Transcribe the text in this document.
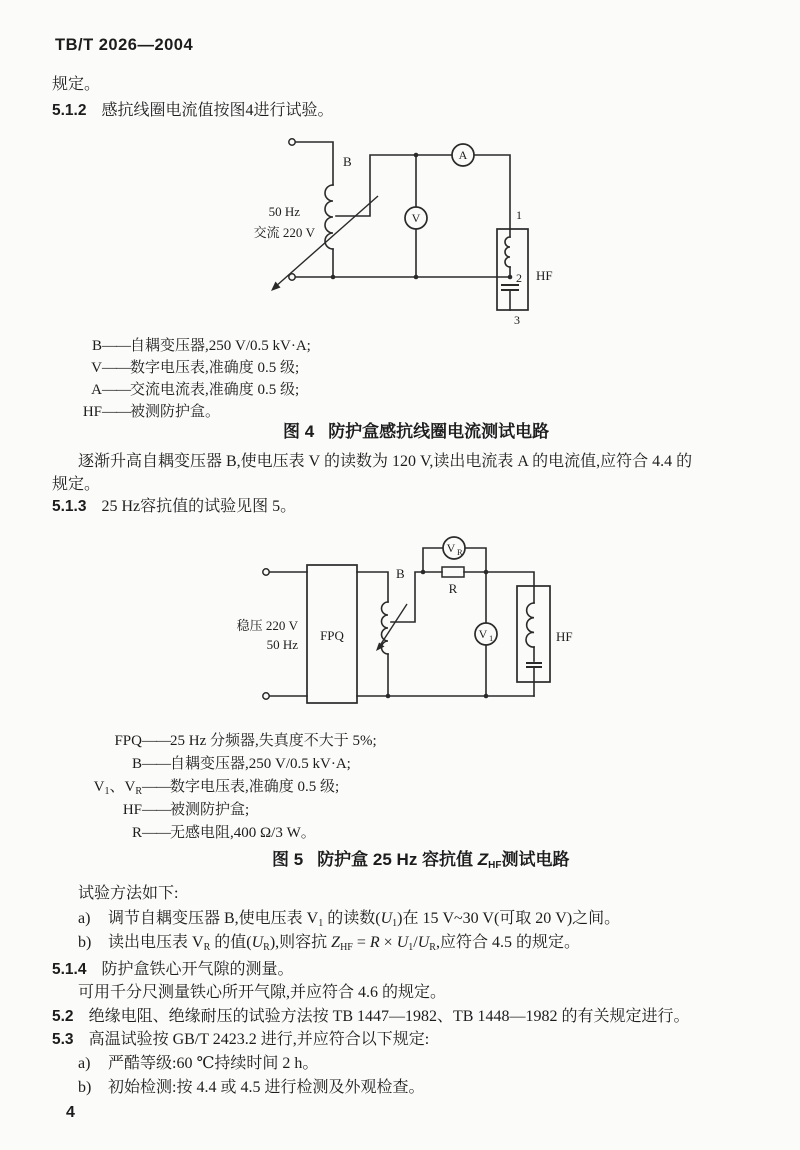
TB/T 2026—2004
规定。
5.1.2 感抗线圈电流值按图4进行试验。
V
A
B
50 Hz
交流 220 V
1
2
3
HF
B——自耦变压器,250 V/0.5 kV·A;
V——数字电压表,准确度 0.5 级;
A——交流电流表,准确度 0.5 级;
HF——被测防护盒。
图 4 防护盒感抗线圈电流测试电路
逐渐升高自耦变压器 B,使电压表 V 的读数为 120 V,读出电流表 A 的电流值,应符合 4.4 的
规定。
5.1.3 25 Hz容抗值的试验见图 5。
FPQ
V R
R
V 1
B
稳压 220 V
50 Hz
HF
FPQ——25 Hz 分频器,失真度不大于 5%;
B——自耦变压器,250 V/0.5 kV·A;
$V_1$、$V_R——$数字电压表,准确度 0.5 级;
HF——被测防护盒;
R——无感电阻,400 Ω/3 W。
图 5 防护盒 25 Hz 容抗值 $Z_{HF}$测试电路
试验方法如下:
a) 调节自耦变压器 B,使电压表 $V_1$ 的读数$(U_1)$在 15 V~30 V(可取 20 V)之间。
b) 读出电压表 $V_R$ 的值$(U_R)$,则容抗 $Z_{HF} = R \times U_1/U_R$,应符合 4.5 的规定。
5.1.4 防护盒铁心开气隙的测量。
可用千分尺测量铁心所开气隙,并应符合 4.6 的规定。
5.2 绝缘电阻、绝缘耐压的试验方法按 TB 1447—1982、TB 1448—1982 的有关规定进行。
5.3 高温试验按 GB/T 2423.2 进行,并应符合以下规定:
a) 严酷等级:60 ℃持续时间 2 h。
b) 初始检测:按 4.4 或 4.5 进行检测及外观检查。
4
